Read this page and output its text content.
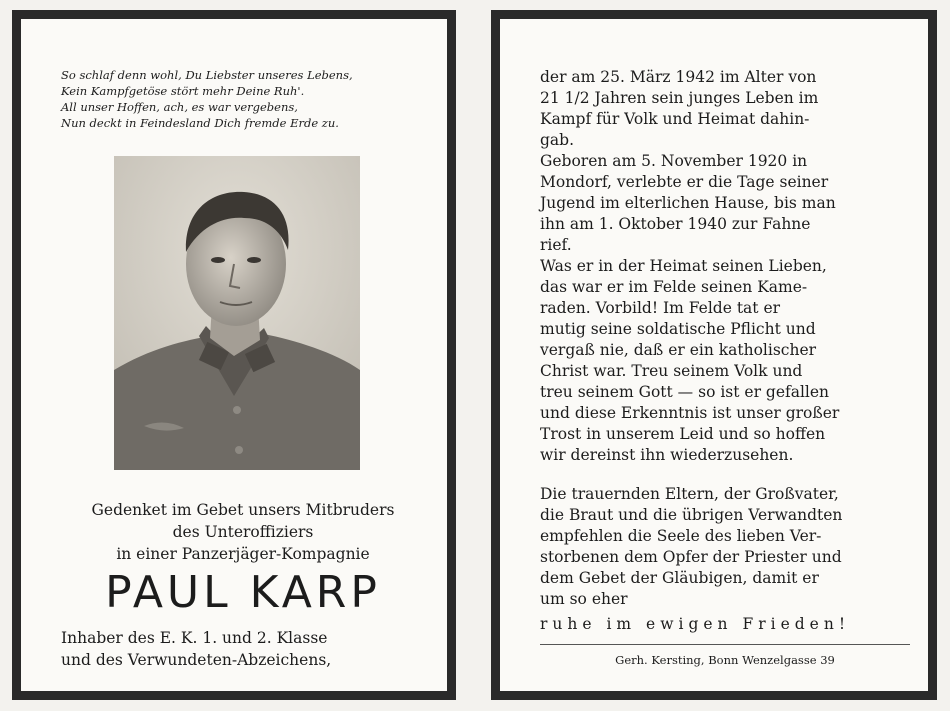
So schlaf denn wohl, Du Liebster unseres Lebens,
Kein Kampfgetöse stört mehr Deine Ruh'.
All unser Hoffen, ach, es war vergebens,
Nun deckt in Feindesland Dich fremde Erde zu.
Gedenket im Gebet unsers Mitbruders
des Unteroffiziers
in einer Panzerjäger-Kompagnie
PAUL KARP
Inhaber des E. K. 1. und 2. Klasse
und des Verwundeten-Abzeichens,
der am 25. März 1942 im Alter von
21 1/2 Jahren sein junges Leben im
Kampf für Volk und Heimat dahin-
gab.
Geboren am 5. November 1920 in
Mondorf, verlebte er die Tage seiner
Jugend im elterlichen Hause, bis man
ihn am 1. Oktober 1940 zur Fahne
rief.
Was er in der Heimat seinen Lieben,
das war er im Felde seinen Kame-
raden. Vorbild! Im Felde tat er
mutig seine soldatische Pflicht und
vergaß nie, daß er ein katholischer
Christ war. Treu seinem Volk und
treu seinem Gott — so ist er gefallen
und diese Erkenntnis ist unser großer
Trost in unserem Leid und so hoffen
wir dereinst ihn wiederzusehen.
Die trauernden Eltern, der Großvater,
die Braut und die übrigen Verwandten
empfehlen die Seele des lieben Ver-
storbenen dem Opfer der Priester und
dem Gebet der Gläubigen, damit er
um so eher
ruhe im ewigen Frieden!
Gerh. Kersting, Bonn Wenzelgasse 39
